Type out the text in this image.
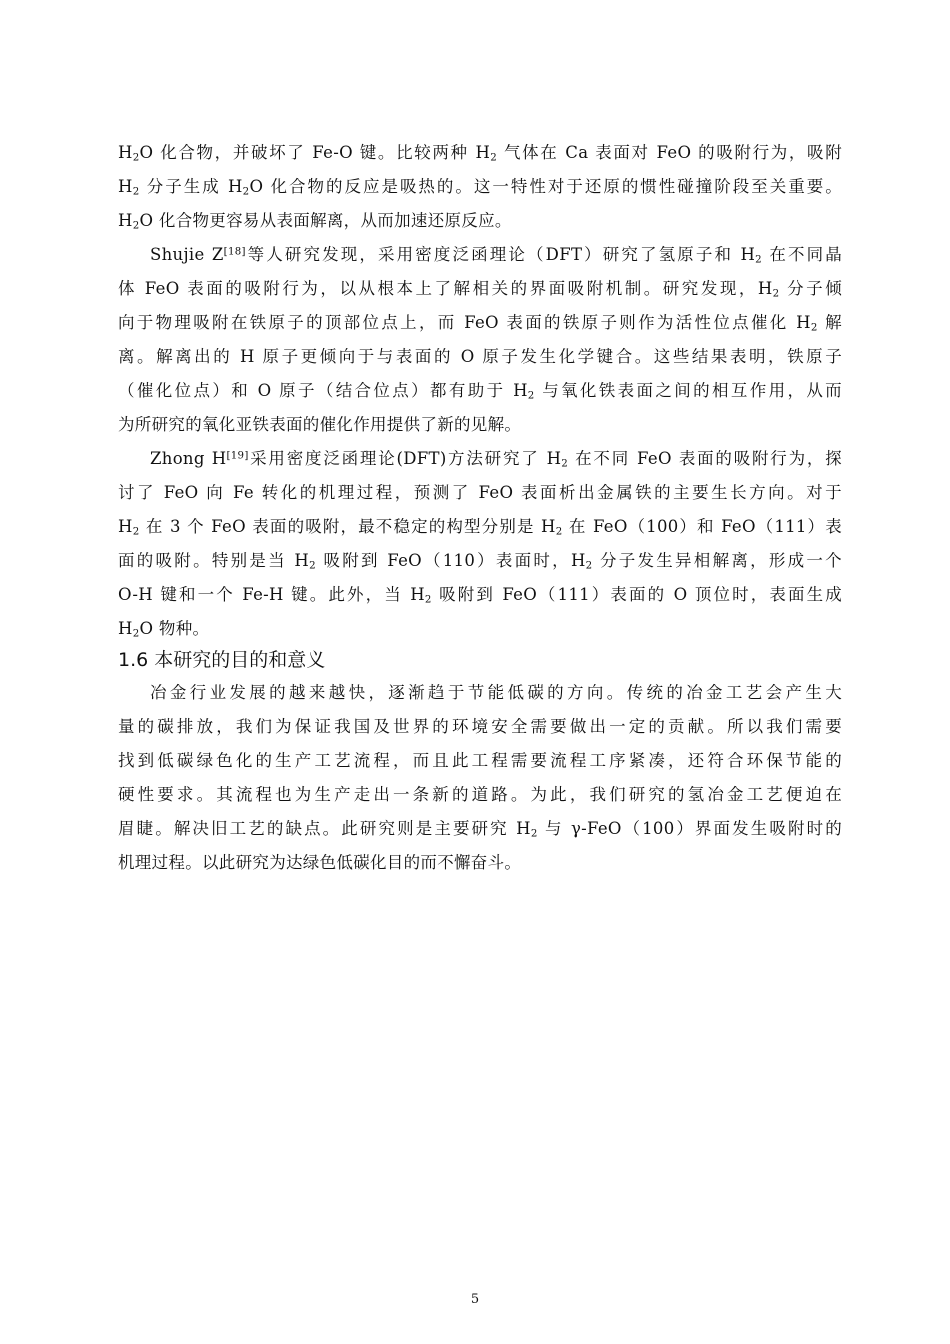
$H_2O$ 化合物，并破坏了 Fe-O 键。比较两种 $H_2$ 气体在 Ca 表面对 FeO 的吸附行为，吸附
$H_2$ 分子生成 $H_2O$ 化合物的反应是吸热的。这一特性对于还原的惯性碰撞阶段至关重要。
$H_2O$ 化合物更容易从表面解离，从而加速还原反应。
Shujie Z[18]等人研究发现，采用密度泛函理论（DFT）研究了氢原子和 $H_2$ 在不同晶
体 FeO 表面的吸附行为，以从根本上了解相关的界面吸附机制。研究发现，$H_2$ 分子倾
向于物理吸附在铁原子的顶部位点上，而 FeO 表面的铁原子则作为活性位点催化 $H_2$ 解
离。解离出的 H 原子更倾向于与表面的 O 原子发生化学键合。这些结果表明，铁原子
（催化位点）和 O 原子（结合位点）都有助于 $H_2$ 与氧化铁表面之间的相互作用，从而
为所研究的氧化亚铁表面的催化作用提供了新的见解。
Zhong H[19]采用密度泛函理论(DFT)方法研究了 $H_2$ 在不同 FeO 表面的吸附行为，探
讨了 FeO 向 Fe 转化的机理过程，预测了 FeO 表面析出金属铁的主要生长方向。对于
$H_2$ 在 3 个 FeO 表面的吸附，最不稳定的构型分别是 $H_2$ 在 FeO（100）和 FeO（111）表
面的吸附。特别是当 $H_2$ 吸附到 FeO（110）表面时，$H_2$ 分子发生异相解离，形成一个
O-H 键和一个 Fe-H 键。此外，当 $H_2$ 吸附到 FeO（111）表面的 O 顶位时，表面生成
$H_2O$ 物种。
1.6 本研究的目的和意义
冶金行业发展的越来越快，逐渐趋于节能低碳的方向。传统的冶金工艺会产生大
量的碳排放，我们为保证我国及世界的环境安全需要做出一定的贡献。所以我们需要
找到低碳绿色化的生产工艺流程，而且此工程需要流程工序紧凑，还符合环保节能的
硬性要求。其流程也为生产走出一条新的道路。为此，我们研究的氢冶金工艺便迫在
眉睫。解决旧工艺的缺点。此研究则是主要研究 $H_2$ 与 γ-FeO（100）界面发生吸附时的
机理过程。以此研究为达绿色低碳化目的而不懈奋斗。
5
